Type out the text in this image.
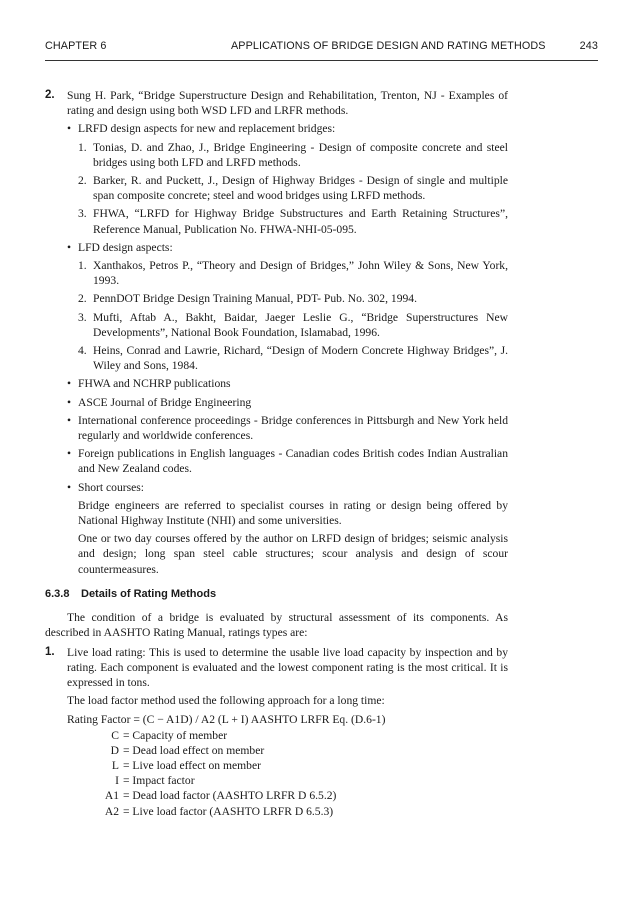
CHAPTER 6	APPLICATIONS OF BRIDGE DESIGN AND RATING METHODS	243
2. Sung H. Park, “Bridge Superstructure Design and Rehabilitation, Trenton, NJ - Examples of rating and design using both WSD LFD and LRFR methods.
• LRFD design aspects for new and replacement bridges:
1. Tonias, D. and Zhao, J., Bridge Engineering - Design of composite concrete and steel bridges using both LFD and LRFD methods.
2. Barker, R. and Puckett, J., Design of Highway Bridges - Design of single and multiple span composite concrete; steel and wood bridges using LRFD methods.
3. FHWA, “LRFD for Highway Bridge Substructures and Earth Retaining Structures”, Reference Manual, Publication No. FHWA-NHI-05-095.
• LFD design aspects:
1. Xanthakos, Petros P., “Theory and Design of Bridges,” John Wiley & Sons, New York, 1993.
2. PennDOT Bridge Design Training Manual, PDT- Pub. No. 302, 1994.
3. Mufti, Aftab A., Bakht, Baidar, Jaeger Leslie G., “Bridge Superstructures New Developments”, National Book Foundation, Islamabad, 1996.
4. Heins, Conrad and Lawrie, Richard, “Design of Modern Concrete Highway Bridges”, J. Wiley and Sons, 1984.
• FHWA and NCHRP publications
• ASCE Journal of Bridge Engineering
• International conference proceedings - Bridge conferences in Pittsburgh and New York held regularly and worldwide conferences.
• Foreign publications in English languages - Canadian codes British codes Indian Australian and New Zealand codes.
• Short courses:
Bridge engineers are referred to specialist courses in rating or design being offered by National Highway Institute (NHI) and some universities.
One or two day courses offered by the author on LRFD design of bridges; seismic analysis and design; long span steel cable structures; scour analysis and design of scour countermeasures.
6.3.8 Details of Rating Methods
The condition of a bridge is evaluated by structural assessment of its components. As described in AASHTO Rating Manual, ratings types are:
1. Live load rating: This is used to determine the usable live load capacity by inspection and by rating. Each component is evaluated and the lowest component rating is the most critical. It is expressed in tons.
The load factor method used the following approach for a long time:
Rating Factor = (C − A1D) / A2 (L + I) AASHTO LRFR Eq. (D.6-1)
C = Capacity of member
D = Dead load effect on member
L = Live load effect on member
I = Impact factor
A1 = Dead load factor (AASHTO LRFR D 6.5.2)
A2 = Live load factor (AASHTO LRFR D 6.5.3)
